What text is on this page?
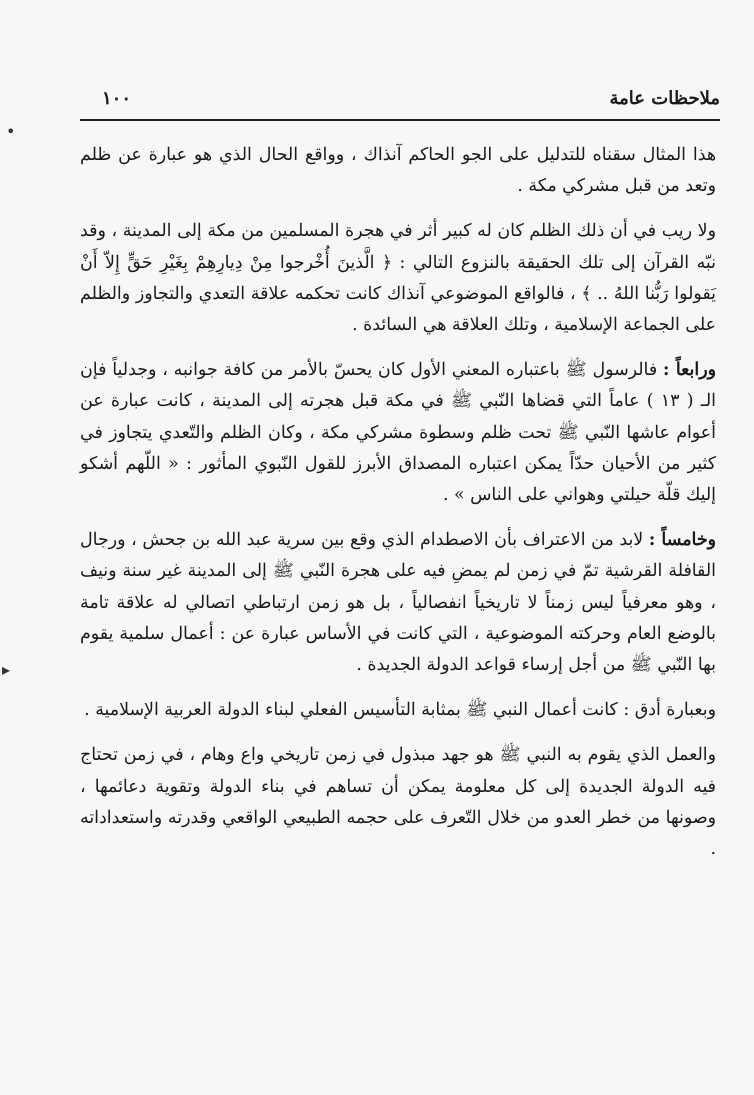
ملاحظات عامة
١٠٠
•
▸

هذا المثال سقناه للتدليل على الجو الحاكم آنذاك ، وواقع الحال الذي هو عبارة عن ظلم وتعد من قبل مشركي مكة .

ولا ريب في أن ذلك الظلم كان له كبير أثر في هجرة المسلمين من مكة إلى المدينة ، وقد نبّه القرآن إلى تلك الحقيقة بالنزوع التالي : ﴿ الَّذينَ أُخْرجوا مِنْ دِيارِهِمْ بِغَيْرِ حَقٍّ إِلاّ أَنْ يَقولوا رَبُّنا اللهُ .. ﴾ ، فالواقع الموضوعي آنذاك كانت تحكمه علاقة التعدي والتجاوز والظلم على الجماعة الإسلامية ، وتلك العلاقة هي السائدة .

ورابعاً : فالرسول ﷺ باعتباره المعني الأول كان يحسّ بالأمر من كافة جوانبه ، وجدلياً فإن الـ ( ١٣ ) عاماً التي قضاها النّبي ﷺ في مكة قبل هجرته إلى المدينة ، كانت عبارة عن أعوام عاشها النّبي ﷺ تحت ظلم وسطوة مشركي مكة ، وكان الظلم والتّعدي يتجاوز في كثير من الأحيان حدّاً يمكن اعتباره المصداق الأبرز للقول النّبوي المأثور : « اللّهم أشكو إليك قلّة حيلتي وهواني على الناس » .

وخامساً : لابد من الاعتراف بأن الاصطدام الذي وقع بين سرية عبد الله بن جحش ، ورجال القافلة القرشية تمّ في زمن لم يمضِ فيه على هجرة النّبي ﷺ إلى المدينة غير سنة ونيف ، وهو معرفياً ليس زمناً لا تاريخياً انفصالياً ، بل هو زمن ارتباطي اتصالي له علاقة تامة بالوضع العام وحركته الموضوعية ، التي كانت في الأساس عبارة عن : أعمال سلمية يقوم بها النّبي ﷺ من أجل إرساء قواعد الدولة الجديدة .

وبعبارة أدق : كانت أعمال النبي ﷺ بمثابة التأسيس الفعلي لبناء الدولة العربية الإسلامية .

والعمل الذي يقوم به النبي ﷺ هو جهد مبذول في زمن تاريخي واع وهام ، في زمن تحتاج فيه الدولة الجديدة إلى كل معلومة يمكن أن تساهم في بناء الدولة وتقوية دعائمها ، وصونها من خطر العدو من خلال التّعرف على حجمه الطبيعي الواقعي وقدرته واستعداداته .
